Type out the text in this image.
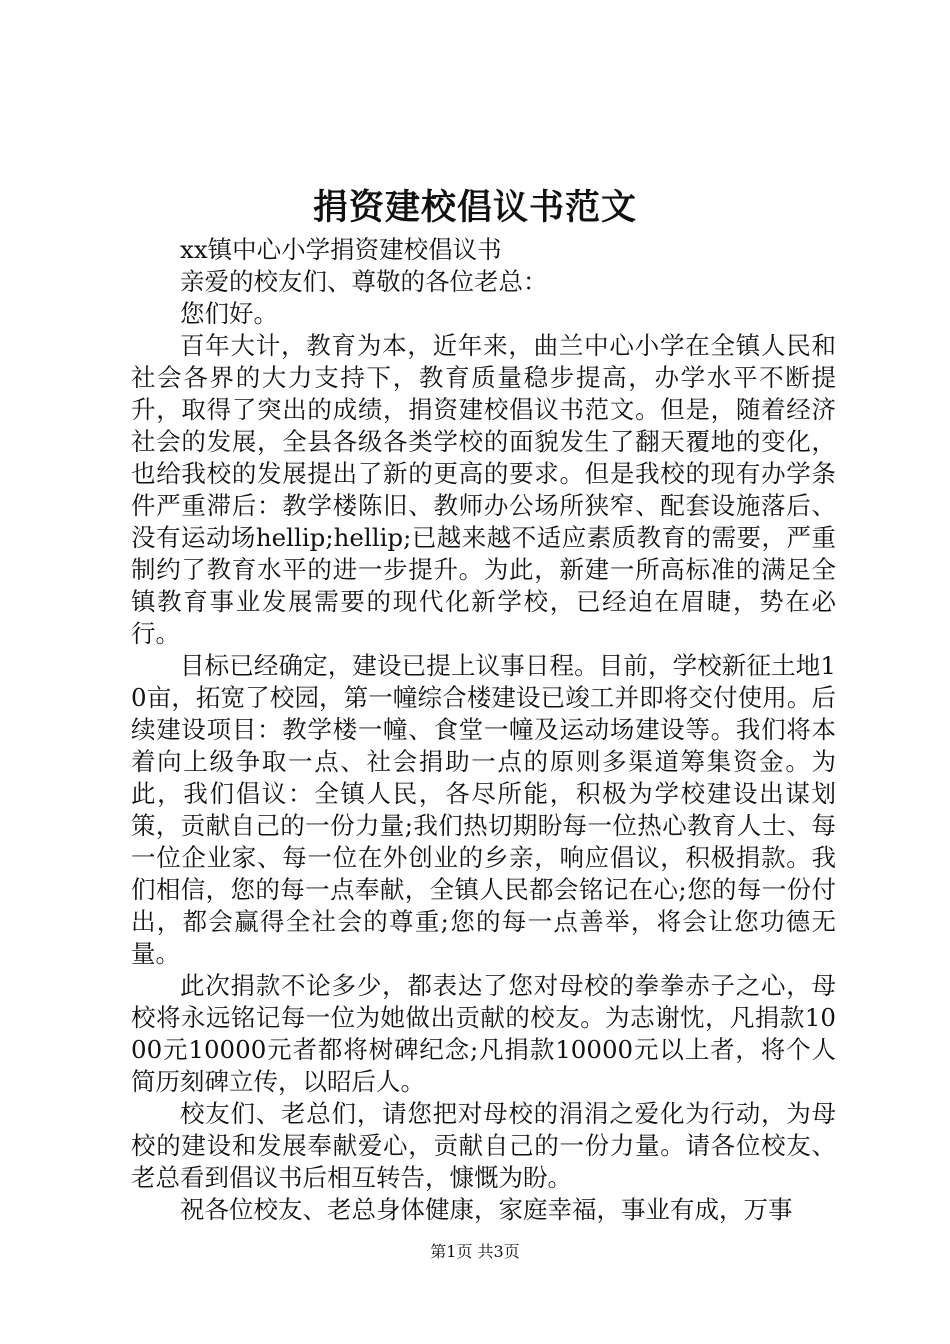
捐资建校倡议书范文

xx镇中心小学捐资建校倡议书

亲爱的校友们、尊敬的各位老总：

您们好。

百年大计，教育为本，近年来，曲兰中心小学在全镇人民和社会各界的大力支持下，教育质量稳步提高，办学水平不断提升，取得了突出的成绩，捐资建校倡议书范文。但是，随着经济社会的发展，全县各级各类学校的面貌发生了翻天覆地的变化，也给我校的发展提出了新的更高的要求。但是我校的现有办学条件严重滞后：教学楼陈旧、教师办公场所狭窄、配套设施落后、没有运动场hellip;hellip;已越来越不适应素质教育的需要，严重制约了教育水平的进一步提升。为此，新建一所高标准的满足全镇教育事业发展需要的现代化新学校，已经迫在眉睫，势在必行。

目标已经确定，建设已提上议事日程。目前，学校新征土地10亩，拓宽了校园，第一幢综合楼建设已竣工并即将交付使用。后续建设项目：教学楼一幢、食堂一幢及运动场建设等。我们将本着向上级争取一点、社会捐助一点的原则多渠道筹集资金。为此，我们倡议：全镇人民，各尽所能，积极为学校建设出谋划策，贡献自己的一份力量;我们热切期盼每一位热心教育人士、每一位企业家、每一位在外创业的乡亲，响应倡议，积极捐款。我们相信，您的每一点奉献，全镇人民都会铭记在心;您的每一份付出，都会赢得全社会的尊重;您的每一点善举，将会让您功德无量。

此次捐款不论多少，都表达了您对母校的拳拳赤子之心，母校将永远铭记每一位为她做出贡献的校友。为志谢忱，凡捐款1000元10000元者都将树碑纪念;凡捐款10000元以上者，将个人简历刻碑立传，以昭后人。

校友们、老总们，请您把对母校的涓涓之爱化为行动，为母校的建设和发展奉献爱心，贡献自己的一份力量。请各位校友、老总看到倡议书后相互转告，慷慨为盼。

祝各位校友、老总身体健康，家庭幸福，事业有成，万事

第1页 共3页
